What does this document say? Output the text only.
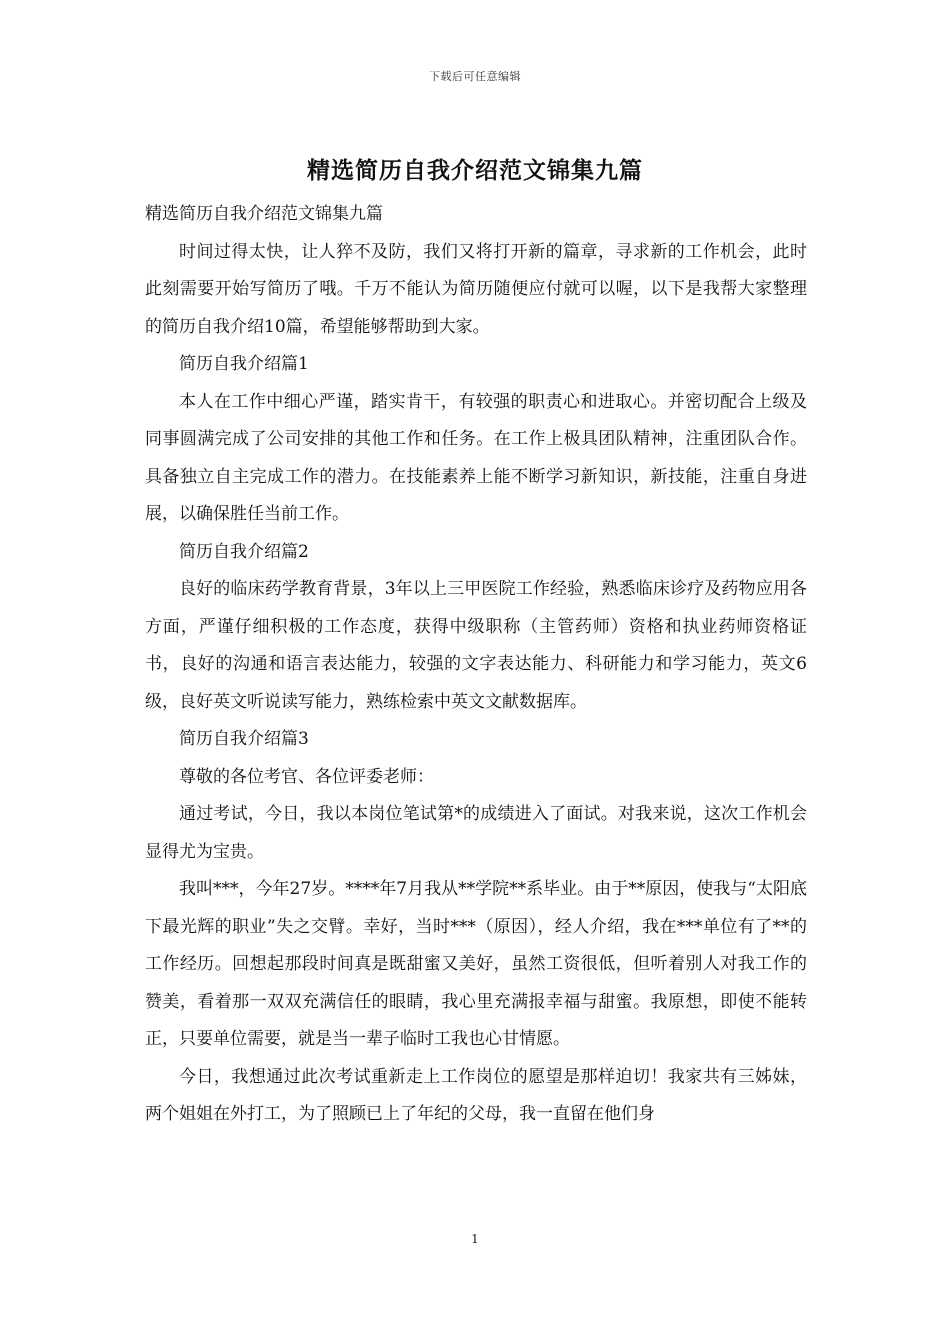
下载后可任意编辑
精选简历自我介绍范文锦集九篇

精选简历自我介绍范文锦集九篇

时间过得太快，让人猝不及防，我们又将打开新的篇章，寻求新的工作机会，此时此刻需要开始写简历了哦。千万不能认为简历随便应付就可以喔，以下是我帮大家整理的简历自我介绍10篇，希望能够帮助到大家。

简历自我介绍篇1

本人在工作中细心严谨，踏实肯干，有较强的职责心和进取心。并密切配合上级及同事圆满完成了公司安排的其他工作和任务。在工作上极具团队精神，注重团队合作。具备独立自主完成工作的潜力。在技能素养上能不断学习新知识，新技能，注重自身进展，以确保胜任当前工作。

简历自我介绍篇2

良好的临床药学教育背景，3年以上三甲医院工作经验，熟悉临床诊疗及药物应用各方面，严谨仔细积极的工作态度，获得中级职称（主管药师）资格和执业药师资格证书，良好的沟通和语言表达能力，较强的文字表达能力、科研能力和学习能力，英文6级，良好英文听说读写能力，熟练检索中英文文献数据库。

简历自我介绍篇3

尊敬的各位考官、各位评委老师：

通过考试，今日，我以本岗位笔试第*的成绩进入了面试。对我来说，这次工作机会显得尤为宝贵。

我叫***，今年27岁。****年7月我从**学院**系毕业。由于**原因，使我与“太阳底下最光辉的职业”失之交臂。幸好，当时***（原因），经人介绍，我在***单位有了**的工作经历。回想起那段时间真是既甜蜜又美好，虽然工资很低，但听着别人对我工作的赞美，看着那一双双充满信任的眼睛，我心里充满报幸福与甜蜜。我原想，即使不能转正，只要单位需要，就是当一辈子临时工我也心甘情愿。

今日，我想通过此次考试重新走上工作岗位的愿望是那样迫切！我家共有三姊妹，两个姐姐在外打工，为了照顾已上了年纪的父母，我一直留在他们身

1
